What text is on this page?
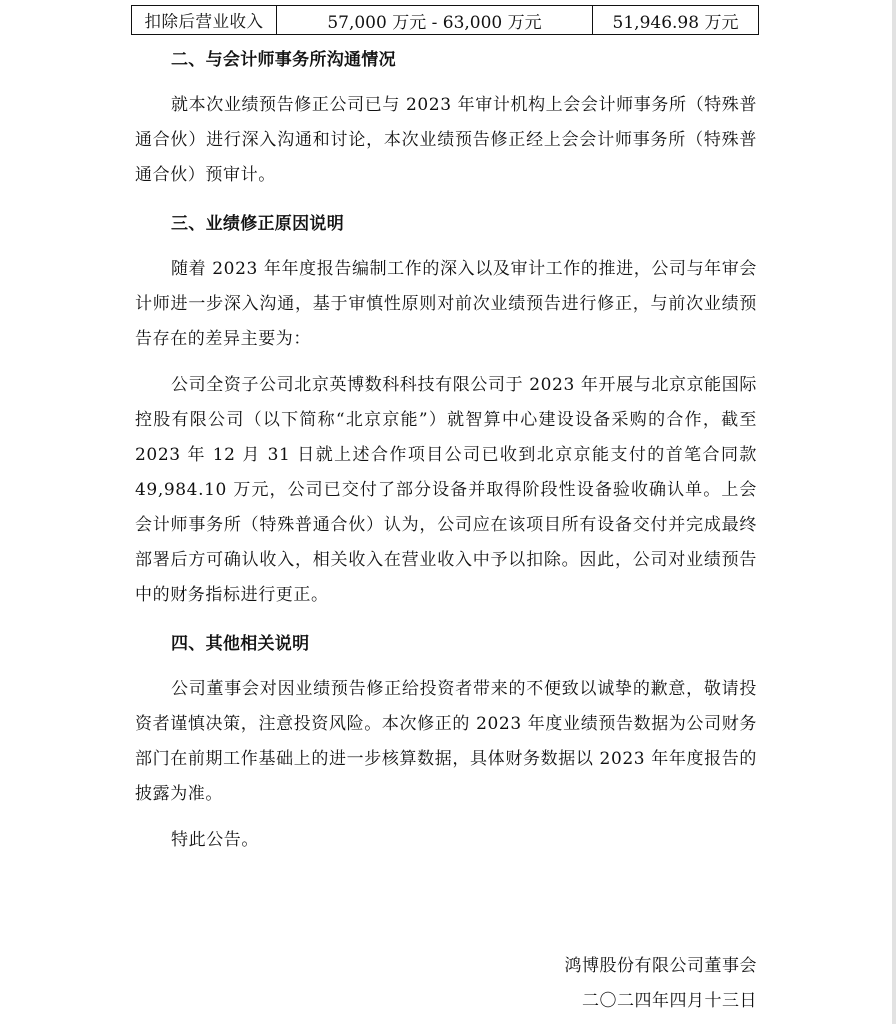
扣除后营业收入	57,000 万元 - 63,000 万元	51,946.98 万元
二、与会计师事务所沟通情况
就本次业绩预告修正公司已与 2023 年审计机构上会会计师事务所（特殊普通合伙）进行深入沟通和讨论，本次业绩预告修正经上会会计师事务所（特殊普通合伙）预审计。
三、业绩修正原因说明
随着 2023 年年度报告编制工作的深入以及审计工作的推进，公司与年审会计师进一步深入沟通，基于审慎性原则对前次业绩预告进行修正，与前次业绩预告存在的差异主要为：
公司全资子公司北京英博数科科技有限公司于 2023 年开展与北京京能国际控股有限公司（以下简称“北京京能”）就智算中心建设设备采购的合作，截至 2023 年 12 月 31 日就上述合作项目公司已收到北京京能支付的首笔合同款 49,984.10 万元，公司已交付了部分设备并取得阶段性设备验收确认单。上会会计师事务所（特殊普通合伙）认为，公司应在该项目所有设备交付并完成最终部署后方可确认收入，相关收入在营业收入中予以扣除。因此，公司对业绩预告中的财务指标进行更正。
四、其他相关说明
公司董事会对因业绩预告修正给投资者带来的不便致以诚挚的歉意，敬请投资者谨慎决策，注意投资风险。本次修正的 2023 年度业绩预告数据为公司财务部门在前期工作基础上的进一步核算数据，具体财务数据以 2023 年年度报告的披露为准。
特此公告。
鸿博股份有限公司董事会
二〇二四年四月十三日
